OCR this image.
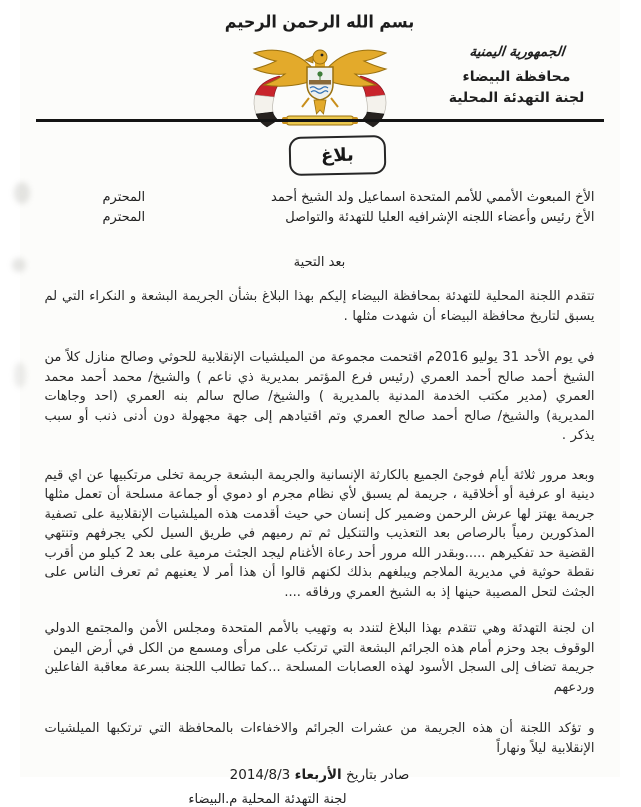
بسم الله الرحمن الرحيم
الجمهورية اليمنية
محافظة البيضاء
لجنة التهدئة المحلية
بلاغ
الأخ المبعوث الأممي للأمم المتحدة اسماعيل ولد الشيخ أحمد
المحترم
الأخ رئيس وأعضاء اللجنه الإشرافيه العليا للتهدئة والتواصل
المحترم
بعد التحية

تتقدم اللجنة المحلية للتهدئة بمحافظة البيضاء إليكم بهذا البلاغ بشأن الجريمة البشعة و النكراء التي لم يسبق لتاريخ محافظة البيضاء أن شهدت مثلها .

في يوم الأحد 31 يوليو 2016م اقتحمت مجموعة من الميلشيات الإنقلابية للحوثي وصالح منازل كلاً من الشيخ أحمد صالح أحمد العمري (رئيس فرع المؤتمر بمديرية ذي ناعم ) والشيخ/ محمد أحمد محمد العمري (مدير مكتب الخدمة المدنية بالمديرية ) والشيخ/ صالح سالم بنه العمري (احد وجاهات المديرية) والشيخ/ صالح أحمد صالح العمري وتم اقتيادهم إلى جهة مجهولة دون أدنى ذنب أو سبب يذكر .

وبعد مرور ثلاثة أيام فوجئ الجميع بالكارثة الإنسانية والجريمة البشعة جريمة تخلى مرتكبيها عن اي قيم دينية او عرفية أو أخلاقية ، جريمة لم يسبق لأي نظام مجرم او دموي أو جماعة مسلحة أن تعمل مثلها جريمة يهتز لها عرش الرحمن وضمير كل إنسان حي حيث أقدمت هذه الميلشيات الإنقلابية على تصفية المذكورين رمياً بالرصاص بعد التعذيب والتنكيل ثم تم رميهم في طريق السيل لكي يجرفهم وتنتهي القضية حد تفكيرهم .....وبقدر الله مرور أحد رعاة الأغنام ليجد الجثث مرمية على بعد 2 كيلو من أقرب نقطة حوثية في مديرية الملاجم ويبلغهم بذلك لكنهم قالوا أن هذا أمر لا يعنيهم ثم تعرف الناس على الجثث لتحل المصيبة حينها إذ به الشيخ العمري ورفاقه ....

ان لجنة التهدئة وهي تتقدم بهذا البلاغ لتندد به وتهيب بالأمم المتحدة ومجلس الأمن والمجتمع الدولي الوقوف بجد وحزم أمام هذه الجرائم البشعة التي ترتكب على مرأى ومسمع من الكل في أرض اليمن

جريمة تضاف إلى السجل الأسود لهذه العصابات المسلحة ...كما تطالب اللجنة بسرعة معاقبة الفاعلين وردعهم

و تؤكد اللجنة أن هذه الجريمة من عشرات الجرائم والاخفاءات بالمحافظة التي ترتكبها الميلشيات الإنقلابية ليلاً ونهاراً

صادر بتاريخ الأربعاء 2014/8/3
لجنة التهدئة المحلية م.البيضاء
